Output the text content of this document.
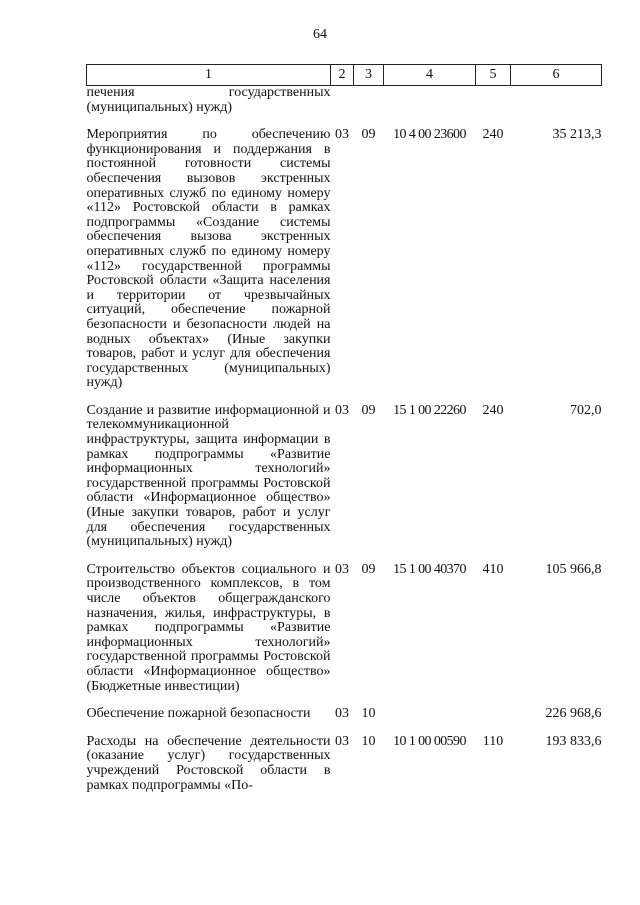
64
1	2	3	4	5	6
печения государственных (муниципальных) нужд)					

Мероприятия по обеспечению функционирования и поддержания в постоянной готовности системы обеспечения вызовов экстренных оперативных служб по единому номеру «112» Ростовской области в рамках подпрограммы «Создание системы обеспечения вызова экстренных оперативных служб по единому номеру «112» государственной программы Ростовской области «Защита населения и территории от чрезвычайных ситуаций, обеспечение пожарной безопасности и безопасности людей на водных объектах» (Иные закупки товаров, работ и услуг для обеспечения государственных (муниципальных) нужд)	03	09	10 4 00 23600	240	35 213,3

Создание и развитие информационной и телекоммуникационной инфраструктуры, защита информации в рамках подпрограммы «Развитие информационных технологий» государственной программы Ростовской области «Информационное общество» (Иные закупки товаров, работ и услуг для обеспечения государственных (муниципальных) нужд)	03	09	15 1 00 22260	240	702,0

Строительство объектов социального и производственного комплексов, в том числе объектов общегражданского назначения, жилья, инфраструктуры, в рамках подпрограммы «Развитие информационных технологий» государственной программы Ростовской области «Информационное общество» (Бюджетные инвестиции)	03	09	15 1 00 40370	410	105 966,8

Обеспечение пожарной безопасности	03	10			226 968,6

Расходы на обеспечение деятельности (оказание услуг) государственных учреждений Ростовской области в рамках подпрограммы «По-	03	10	10 1 00 00590	110	193 833,6
